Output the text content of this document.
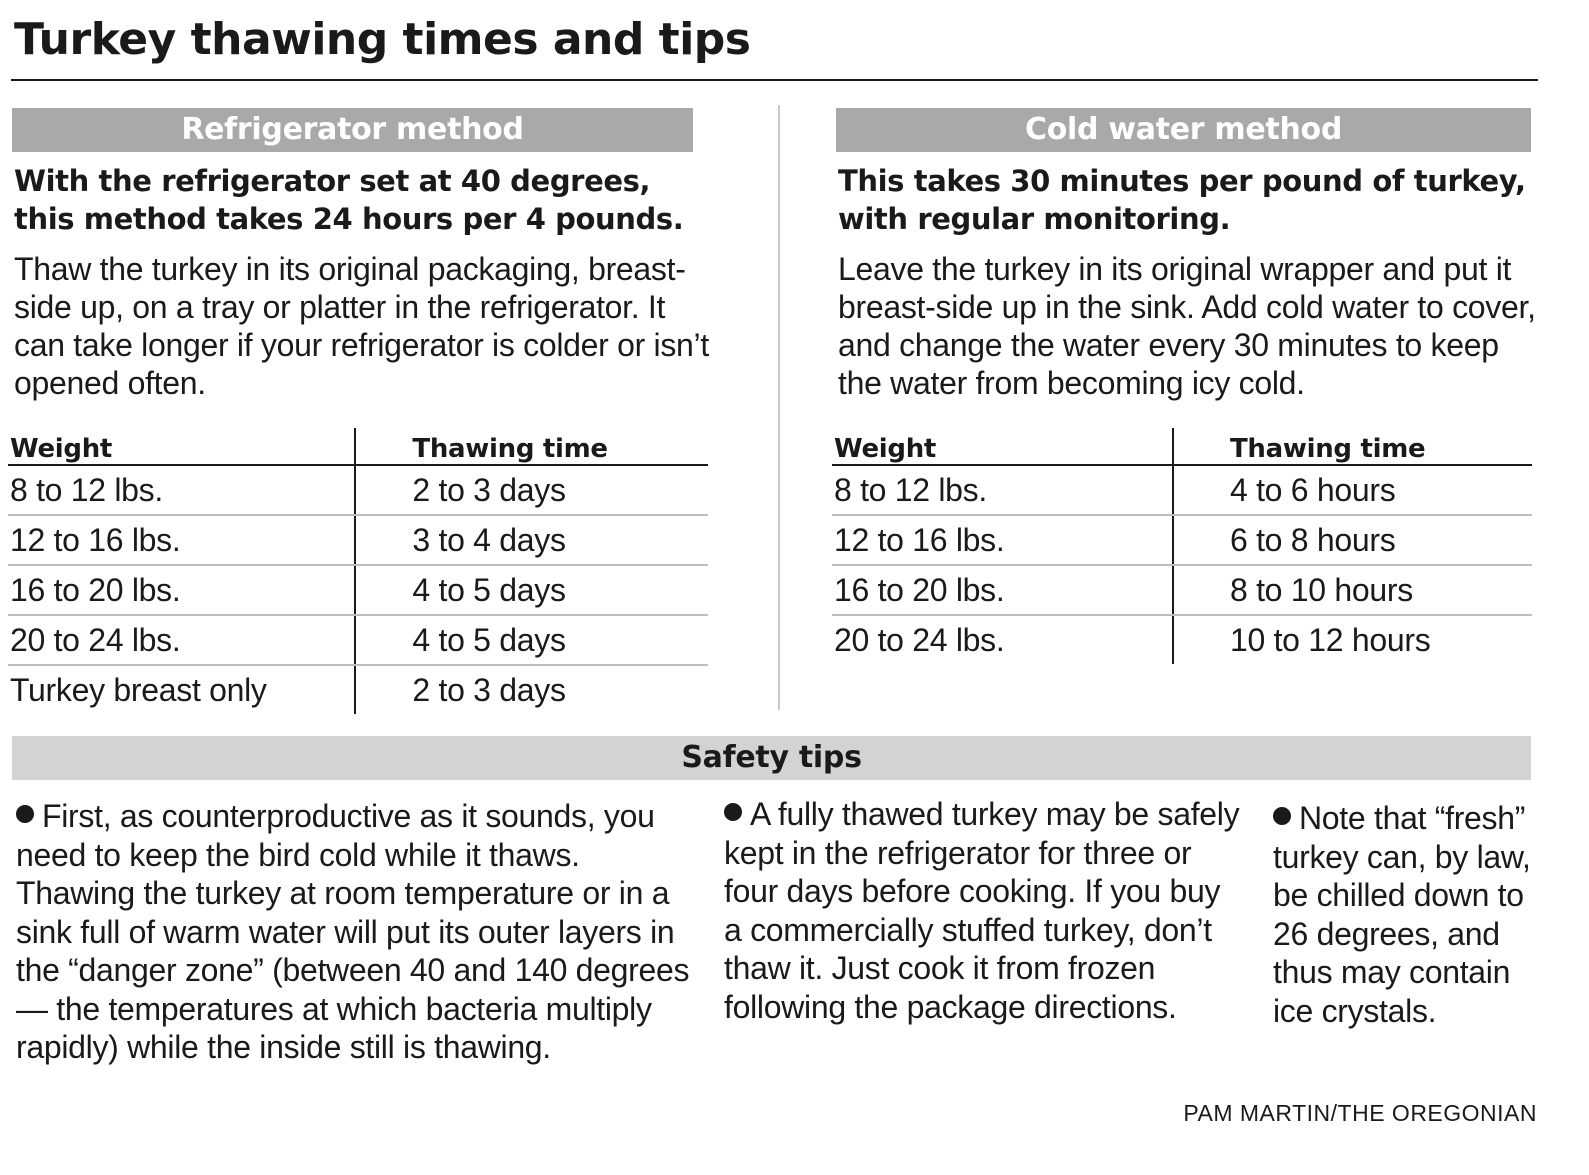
Turkey thawing times and tips
Refrigerator method

With the refrigerator set at 40 degrees, this method takes 24 hours per 4 pounds.

Thaw the turkey in its original packaging, breast-side up, on a tray or platter in the refrigerator. It can take longer if your refrigerator is colder or isn’t opened often.

Weight	Thawing time
8 to 12 lbs.	2 to 3 days
12 to 16 lbs.	3 to 4 days
16 to 20 lbs.	4 to 5 days
20 to 24 lbs.	4 to 5 days
Turkey breast only	2 to 3 days
Cold water method

This takes 30 minutes per pound of turkey, with regular monitoring.

Leave the turkey in its original wrapper and put it breast-side up in the sink. Add cold water to cover, and change the water every 30 minutes to keep the water from becoming icy cold.

Weight	Thawing time
8 to 12 lbs.	4 to 6 hours
12 to 16 lbs.	6 to 8 hours
16 to 20 lbs.	8 to 10 hours
20 to 24 lbs.	10 to 12 hours
Safety tips

First, as counterproductive as it sounds, you need to keep the bird cold while it thaws. Thawing the turkey at room temperature or in a sink full of warm water will put its outer layers in the “danger zone” (between 40 and 140 degrees — the temperatures at which bacteria multiply rapidly) while the inside still is thawing.

A fully thawed turkey may be safely kept in the refrigerator for three or four days before cooking. If you buy a commercially stuffed turkey, don’t thaw it. Just cook it from frozen following the package directions.

Note that “fresh” turkey can, by law, be chilled down to 26 degrees, and thus may contain ice crystals.

PAM MARTIN/THE OREGONIAN
